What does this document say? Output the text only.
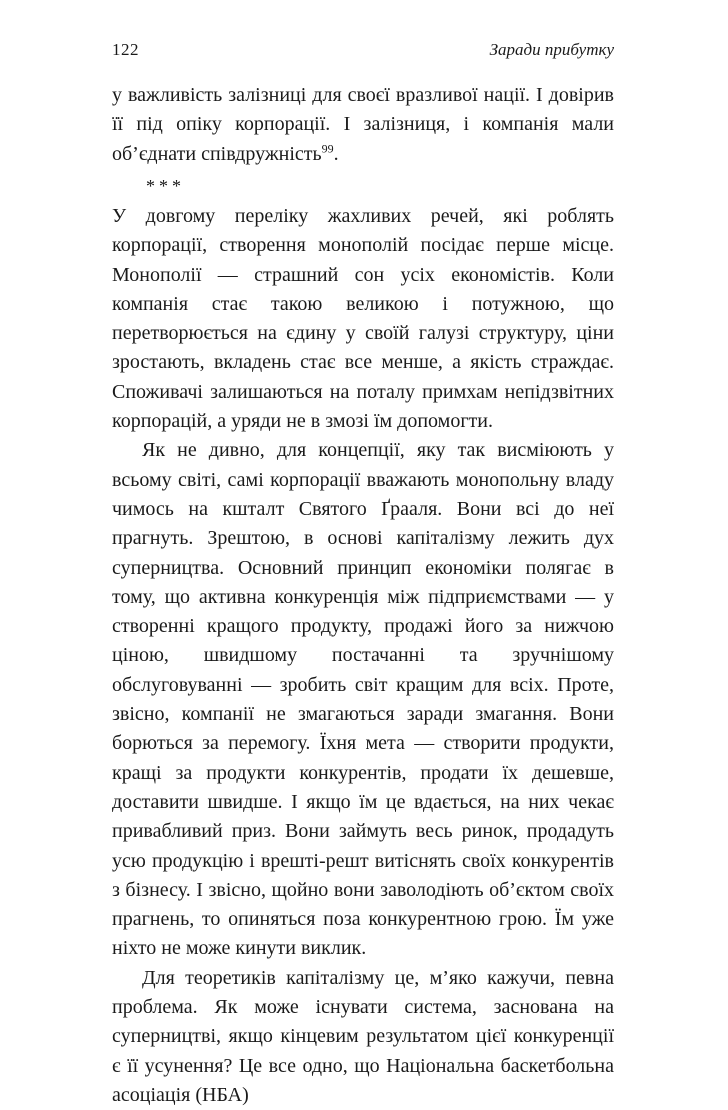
122	Заради прибутку

у важливість залізниці для своєї вразливої нації. І довірив її під опіку корпорації. І залізниця, і компанія мали об’єднати співдружність$^{99}$.

***

У довгому переліку жахливих речей, які роблять корпорації, створення монополій посідає перше місце. Монополії — страшний сон усіх економістів. Коли компанія стає такою великою і потужною, що перетворюється на єдину у своїй галузі структуру, ціни зростають, вкладень стає все менше, а якість страждає. Споживачі залишаються на поталу примхам непідзвітних корпорацій, а уряди не в змозі їм допомогти.

Як не дивно, для концепції, яку так висміюють у всьому світі, самі корпорації вважають монопольну владу чимось на кшталт Святого Ґрааля. Вони всі до неї прагнуть. Зрештою, в основі капіталізму лежить дух суперництва. Основний принцип економіки полягає в тому, що активна конкуренція між підприємствами — у створенні кращого продукту, продажі його за нижчою ціною, швидшому постачанні та зручнішому обслуговуванні — зробить світ кращим для всіх. Проте, звісно, компанії не змагаються заради змагання. Вони борються за перемогу. Їхня мета — створити продукти, кращі за продукти конкурентів, продати їх дешевше, доставити швидше. І якщо їм це вдається, на них чекає привабливий приз. Вони займуть весь ринок, продадуть усю продукцію і врешті-решт витіснять своїх конкурентів з бізнесу. І звісно, щойно вони заволодіють об’єктом своїх прагнень, то опиняться поза конкурентною грою. Їм уже ніхто не може кинути виклик.

Для теоретиків капіталізму це, м’яко кажучи, певна проблема. Як може існувати система, заснована на суперництві, якщо кінцевим результатом цієї конкуренції є її усунення? Це все одно, що Національна баскетбольна асоціація (НБА)
